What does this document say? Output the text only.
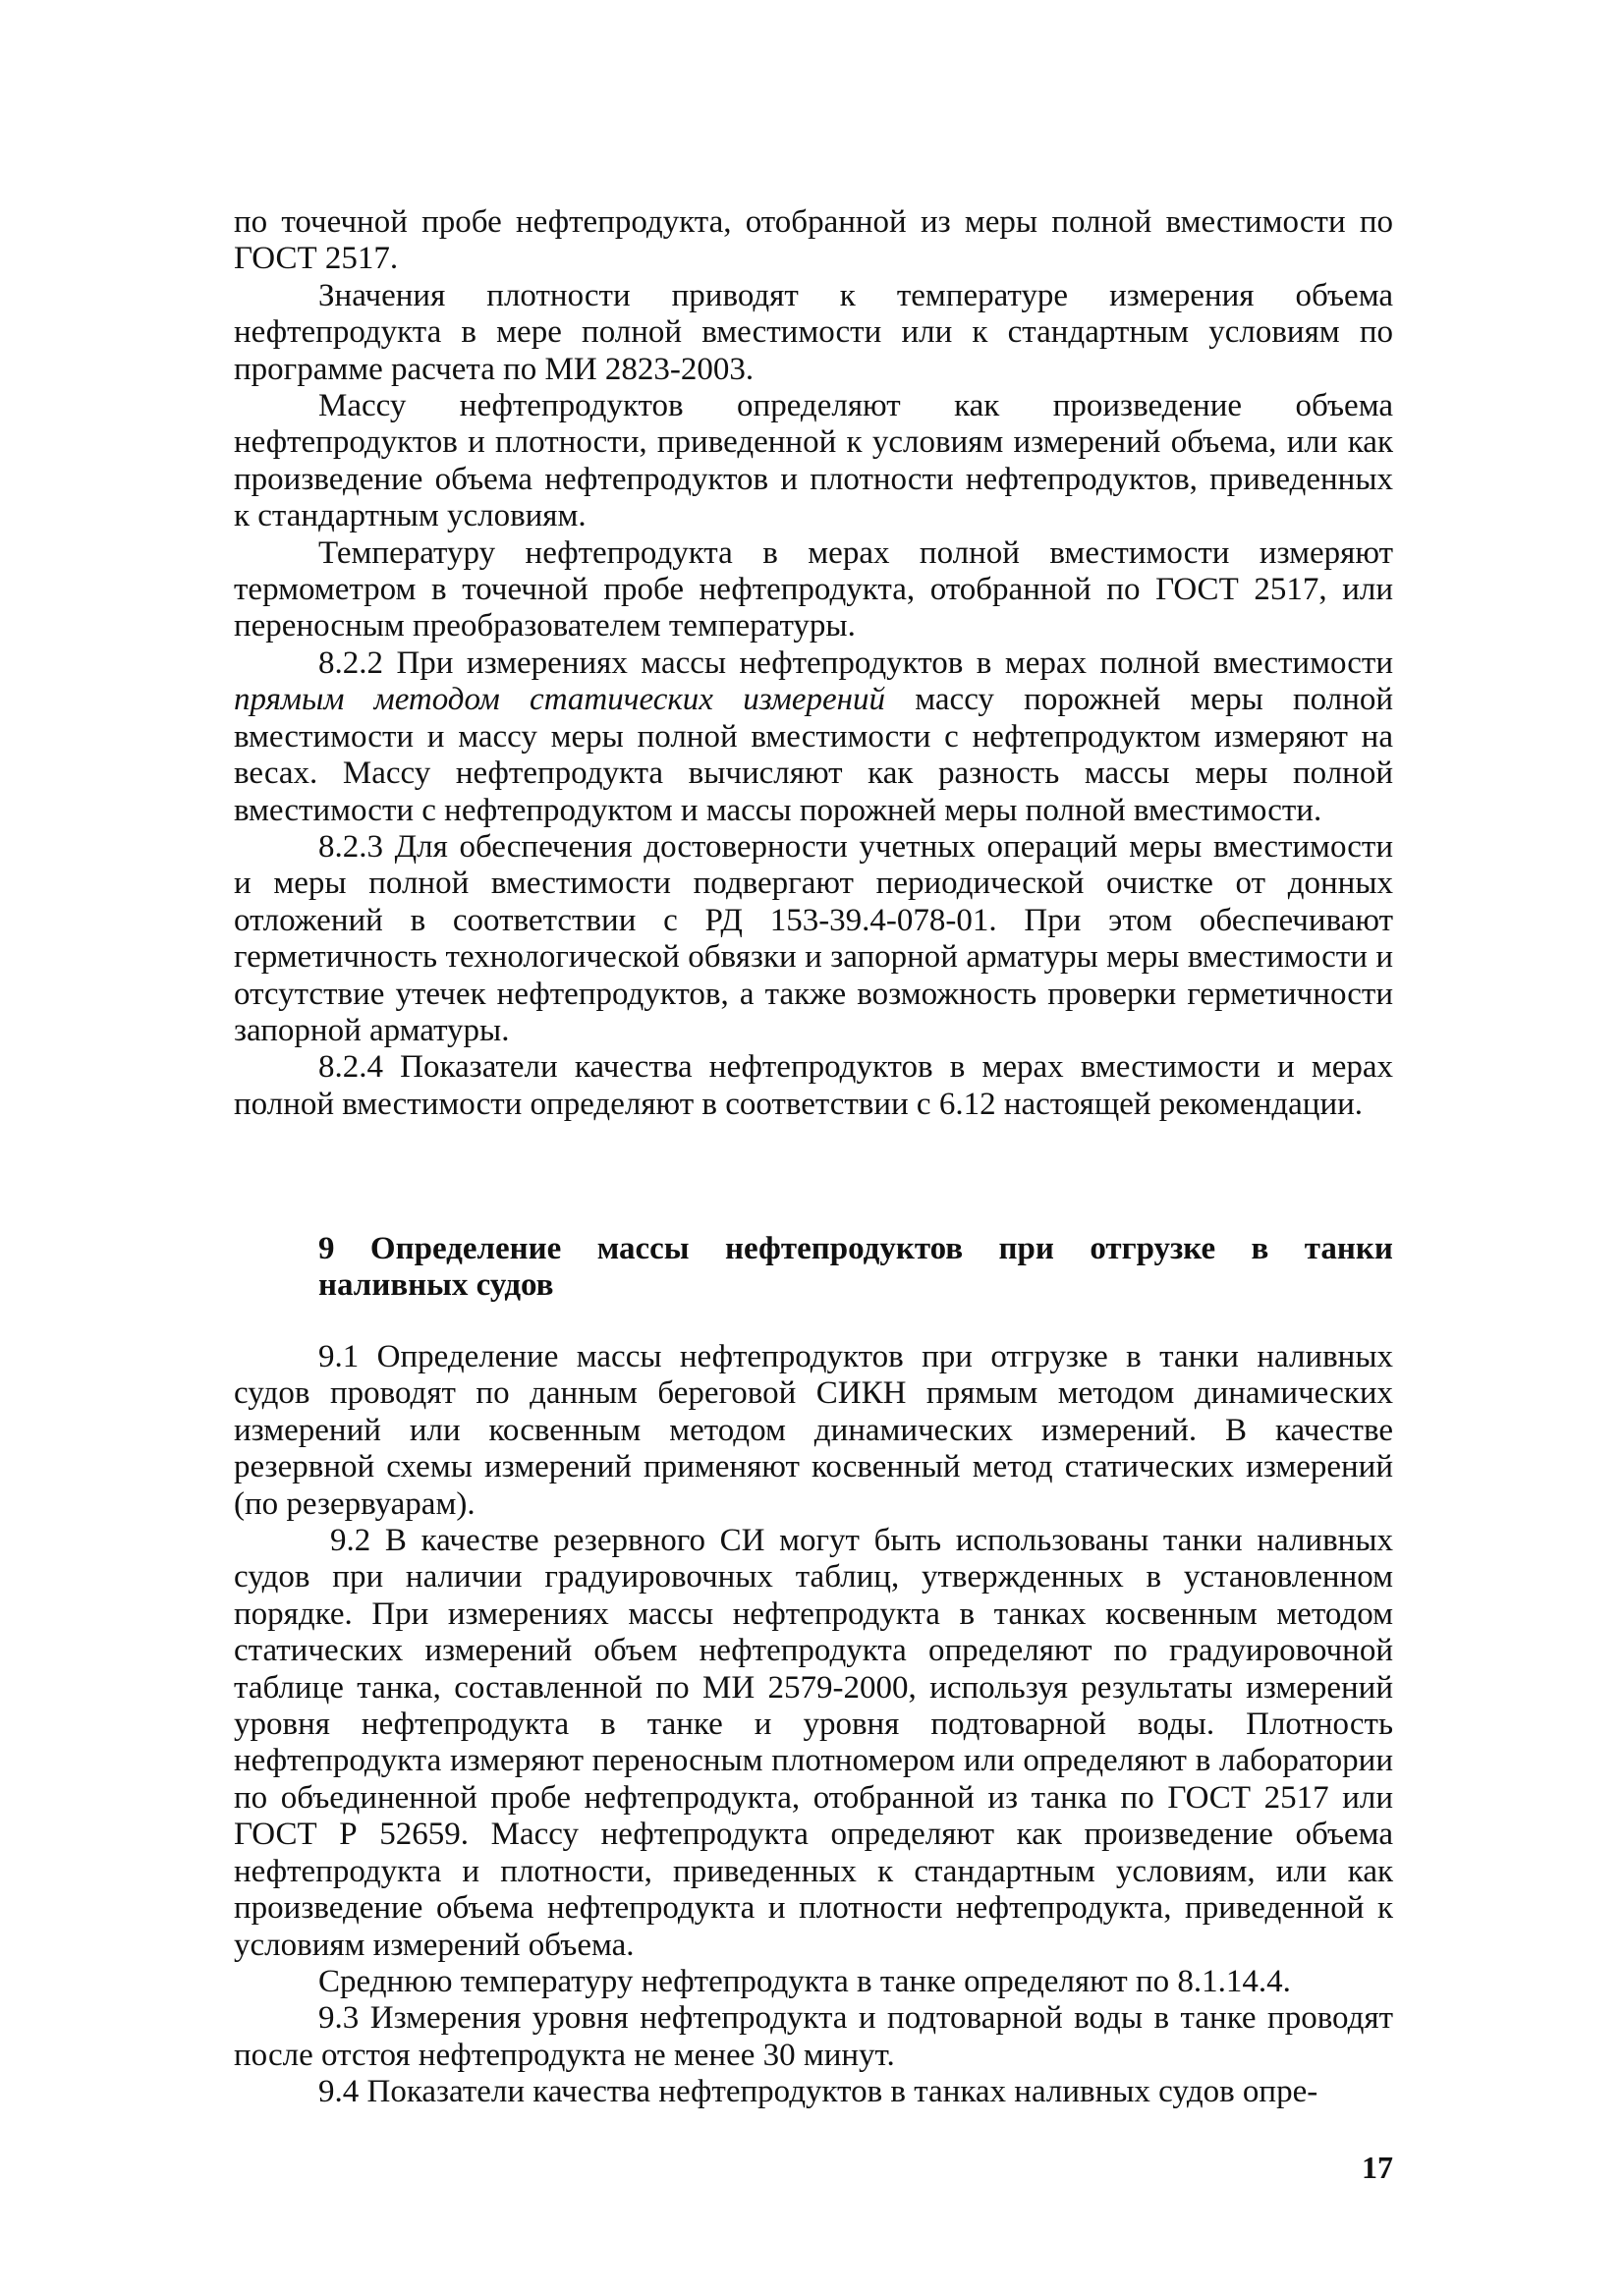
по точечной пробе нефтепродукта, отобранной из меры полной вместимости по ГОСТ 2517.

Значения плотности приводят к температуре измерения объема нефтепродукта в мере полной вместимости или к стандартным условиям по программе расчета по МИ 2823-2003.

Массу нефтепродуктов определяют как произведение объема нефтепродуктов и плотности, приведенной к условиям измерений объема, или как произведение объема нефтепродуктов и плотности нефтепродуктов, приведенных к стандартным условиям.

Температуру нефтепродукта в мерах полной вместимости измеряют термометром в точечной пробе нефтепродукта, отобранной по ГОСТ 2517, или переносным преобразователем температуры.

8.2.2 При измерениях массы нефтепродуктов в мерах полной вместимости прямым методом статических измерений массу порожней меры полной вместимости и массу меры полной вместимости с нефтепродуктом измеряют на весах. Массу нефтепродукта вычисляют как разность массы меры полной вместимости с нефтепродуктом и массы порожней меры полной вместимости.

8.2.3 Для обеспечения достоверности учетных операций меры вместимости и меры полной вместимости подвергают периодической очистке от донных отложений в соответствии с РД 153-39.4-078-01. При этом обеспечивают герметичность технологической обвязки и запорной арматуры меры вместимости и отсутствие утечек нефтепродуктов, а также возможность проверки герметичности запорной арматуры.

8.2.4 Показатели качества нефтепродуктов в мерах вместимости и мерах полной вместимости определяют в соответствии с 6.12 настоящей рекомендации.

9 Определение массы нефтепродуктов при отгрузке в танки
наливных судов

9.1 Определение массы нефтепродуктов при отгрузке в танки наливных судов проводят по данным береговой СИКН прямым методом динамических измерений или косвенным методом динамических измерений. В качестве резервной схемы измерений применяют косвенный метод статических измерений (по резервуарам).

9.2 В качестве резервного СИ могут быть использованы танки наливных судов при наличии градуировочных таблиц, утвержденных в установленном порядке. При измерениях массы нефтепродукта в танках косвенным методом статических измерений объем нефтепродукта определяют по градуировочной таблице танка, составленной по МИ 2579-2000, используя результаты измерений уровня нефтепродукта в танке и уровня подтоварной воды. Плотность нефтепродукта измеряют переносным плотномером или определяют в лаборатории по объединенной пробе нефтепродукта, отобранной из танка по ГОСТ 2517 или ГОСТ Р 52659. Массу нефтепродукта определяют как произведение объема нефтепродукта и плотности, приведенных к стандартным условиям, или как произведение объема нефтепродукта и плотности нефтепродукта, приведенной к условиям измерений объема.

Среднюю температуру нефтепродукта в танке определяют по 8.1.14.4.

9.3 Измерения уровня нефтепродукта и подтоварной воды в танке проводят после отстоя нефтепродукта не менее 30 минут.

9.4 Показатели качества нефтепродуктов в танках наливных судов опре-

17
